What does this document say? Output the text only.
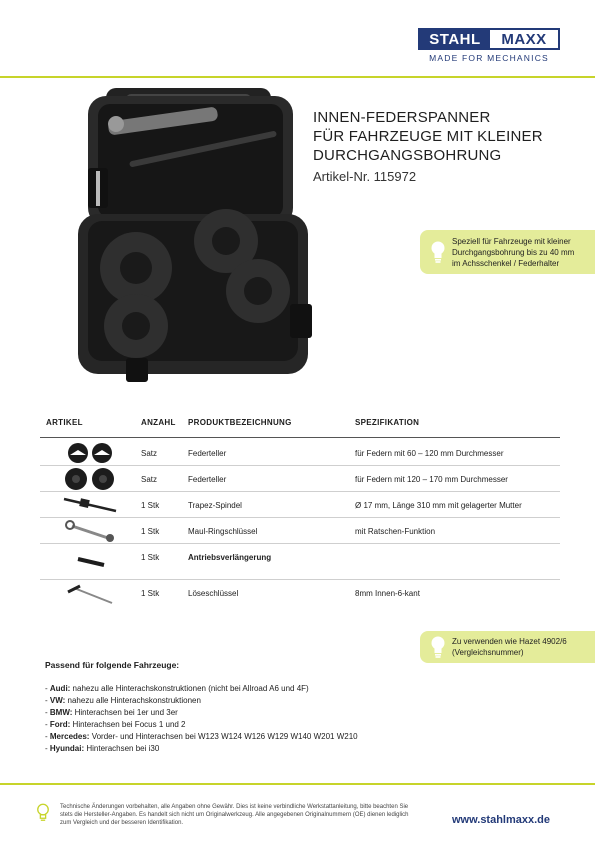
STAHL	MAXX
MADE FOR MECHANICS
INNEN-FEDERSPANNER
FÜR FAHRZEUGE MIT KLEINER
DURCHGANGSBOHRUNG
Artikel-Nr. 115972
Speziell für Fahrzeuge mit kleiner
Durchgangsbohrung bis zu 40 mm
im Achsschenkel / Federhalter
ARTIKEL	ANZAHL PRODUKTBEZEICHNUNG	SPEZIFIKATION
Satz	Federteller	für Federn mit 60 – 120 mm Durchmesser
Satz	Federteller	für Federn mit 120 – 170 mm Durchmesser
1 Stk	Trapez-Spindel	Ø 17 mm, Länge 310 mm mit gelagerter Mutter
1 Stk	Maul-Ringschlüssel	mit Ratschen-Funktion
1 Stk	Antriebsverlängerung
1 Stk	Löseschlüssel	8mm Innen-6-kant
Zu verwenden wie Hazet 4902/6
(Vergleichsnummer)
Passend für folgende Fahrzeuge:
- Audi: nahezu alle Hinterachskonstruktionen (nicht bei Allroad A6 und 4F)
- VW: nahezu alle Hinterachskonstruktionen
- BMW: Hinterachsen bei 1er und 3er
- Ford: Hinterachsen bei Focus 1 und 2
- Mercedes: Vorder- und Hinterachsen bei W123 W124 W126 W129 W140 W201 W210
- Hyundai: Hinterachsen bei i30
Technische Änderungen vorbehalten, alle Angaben ohne Gewähr. Dies ist keine verbindliche Werkstattanleitung, bitte beachten Sie
stets die Hersteller-Angaben. Es handelt sich nicht um Originalwerkzeug. Alle angegebenen Originalnummern (OE) dienen lediglich
zum Vergleich und der besseren Identifikation.	www.stahlmaxx.de
